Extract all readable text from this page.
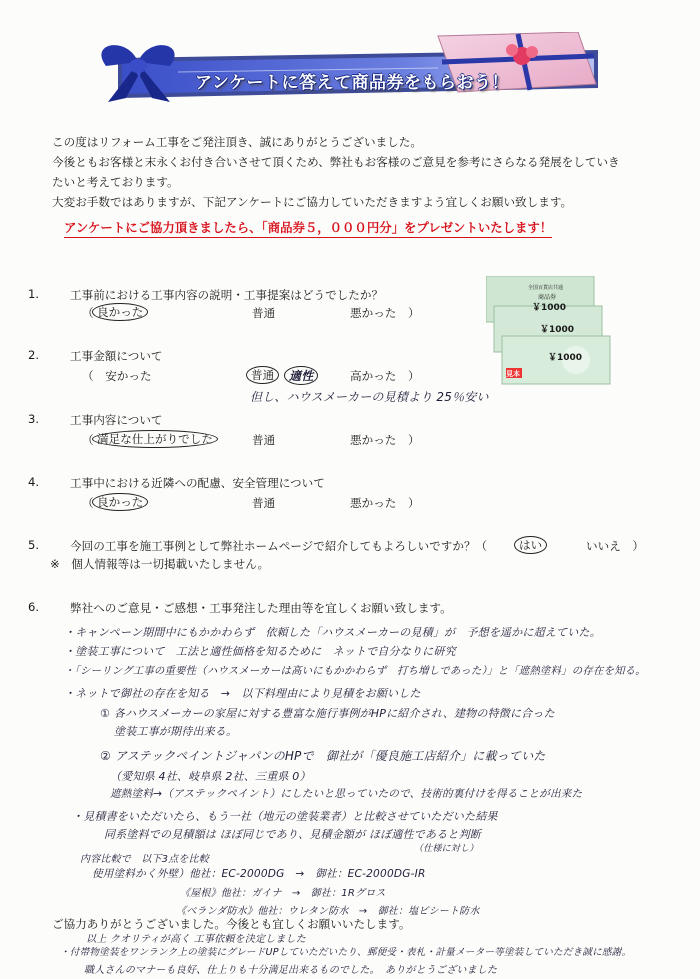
アンケートに答えて商品券をもらおう！
この度はリフォーム工事をご発注頂き、誠にありがとうございました。
今後ともお客様と末永くお付き合いさせて頂くため、弊社もお客様のご意見を参考にさらなる発展をしていき
たいと考えております。
大変お手数ではありますが、下記アンケートにご協力していただきますよう宜しくお願い致します。
アンケートにご協力頂きましたら、「商品券５，０００円分」をプレゼントいたします！
全国百貨店共通
商品券
￥1000
￥1000
￥1000
見本
1.	工事前における工事内容の説明・工事提案はどうでしたか？
（ 良かった	普通	悪かった　）
2.	工事金額について
（　安かった	普通	適性	高かった　）
但し、ハウスメーカーの見積より 25％安い
3.	工事内容について
（ 満足な仕上がりでした	普通	悪かった　）
4.	工事中における近隣への配慮、安全管理について
（ 良かった	普通	悪かった　）
5.	今回の工事を施工事例として弊社ホームページで紹介してもよろしいですか？（	はい	いいえ　）
※　個人情報等は一切掲載いたしません。
6.	弊社へのご意見・ご感想・工事発注した理由等を宜しくお願い致します。
・キャンペーン期間中にもかかわらず　依頼した「ハウスメーカーの見積」が　予想を遥かに超えていた。
・塗装工事について　工法と適性価格を知るために　ネットで自分なりに研究
・「シーリング工事の重要性（ハウスメーカーは高いにもかかわらず　打ち増しであった）」と「遮熱塗料」の存在を知る。
・ネットで御社の存在を知る　→　以下料理由により見積をお願いした
① 各ハウスメーカーの家屋に対する豊富な施行事例がHPに紹介され、建物の特徴に合った
塗装工事が期待出来る。
② アステックペイントジャパンのHPで　御社が「優良施工店紹介」に載っていた
（愛知県 4社、岐阜県 2社、三重県 0）
遮熱塗料→（アステックペイント）にしたいと思っていたので、技術的裏付けを得ることが出来た
・見積書をいただいたら、もう一社（地元の塗装業者）と比較させていただいた結果
同系塗料での見積額は ほぼ同じであり、見積金額が ほぼ適性であると判断
（仕様に対し）
内容比較で　以下3点を比較
使用塗料かく外壁）他社：EC-2000DG　→　御社：EC-2000DG-IR
《屋根》他社：ガイナ　→　御社：1Rグロス
《ベランダ防水》他社：ウレタン防水　→　御社：塩ビシート防水
ご協力ありがとうございました。今後とも宜しくお願いいたします。
以上 クオリティが高く 工事依頼を決定しました
・付帯物塗装をワンランク上の塗装にグレードUPしていただいたり、郵便受・表札・計量メーター等塗装していただき誠に感謝。
職人さんのマナーも良好、仕上りも十分満足出来るものでした。　ありがとうございました
